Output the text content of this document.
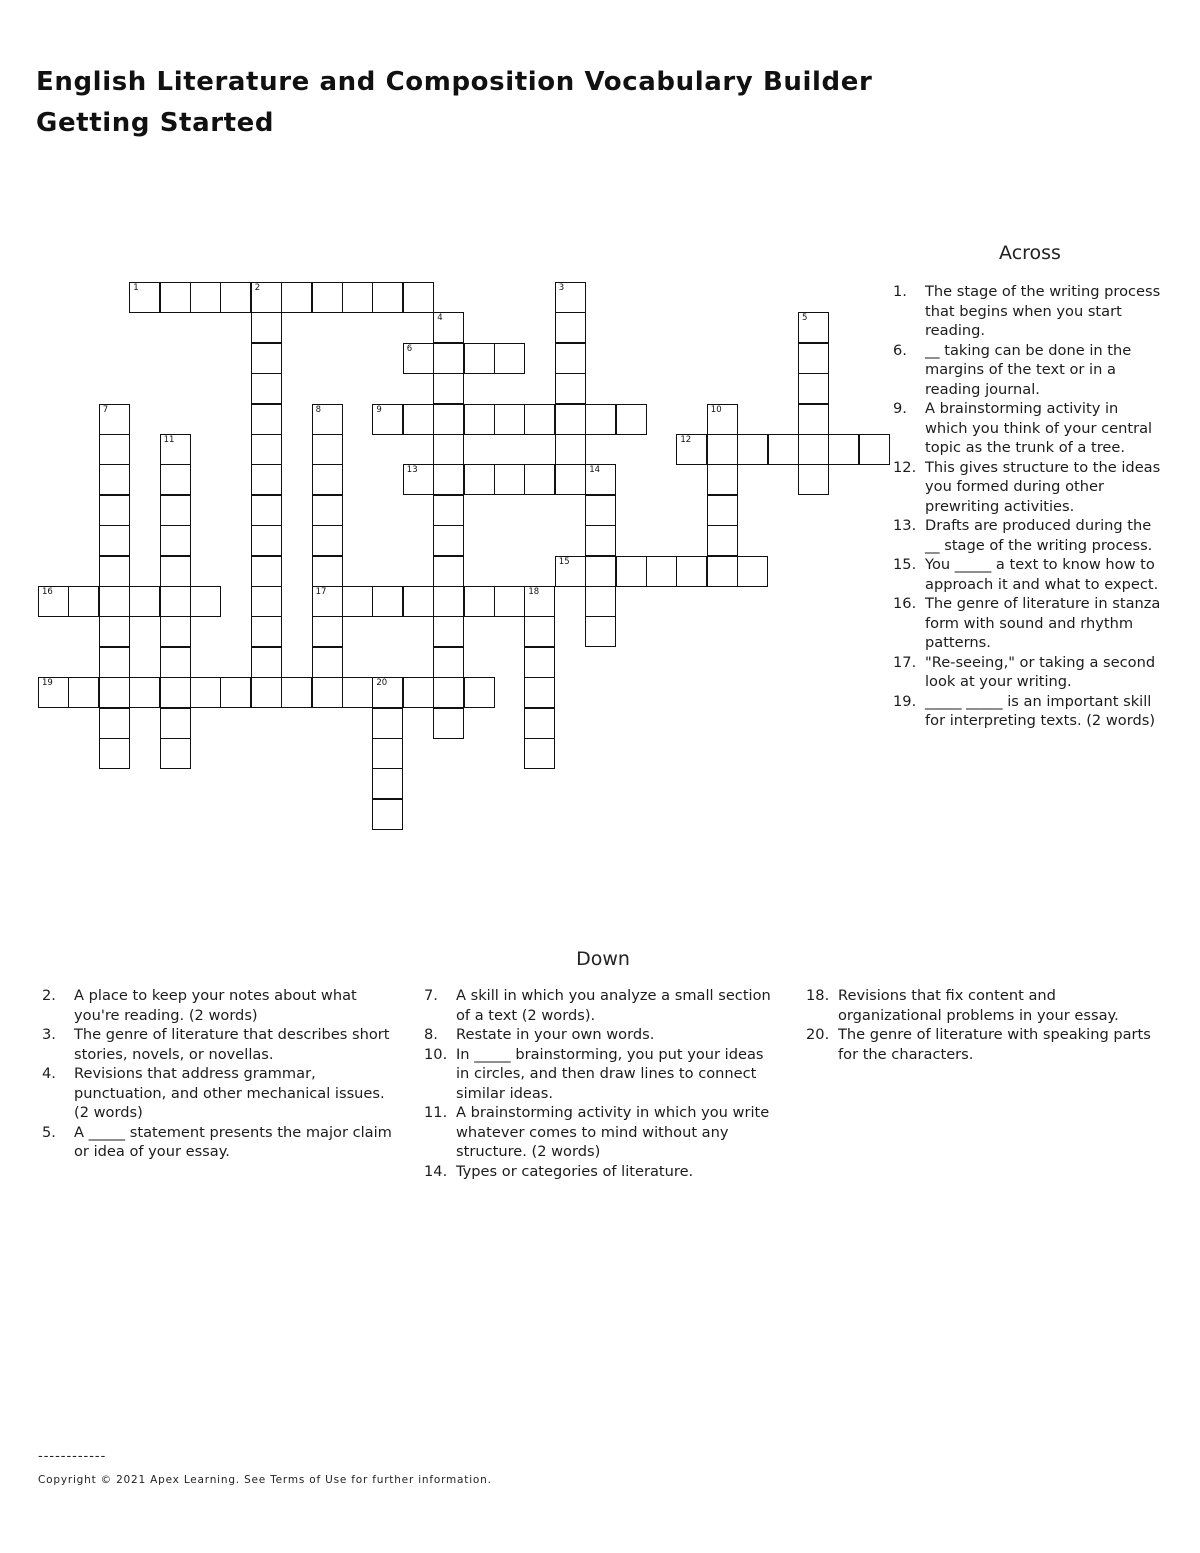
English Literature and Composition Vocabulary Builder
Getting Started
1	2	3
4	5
6
7	8
17
9	10
11	12
13	14
15
16	18
19	20
Across
1. The stage of the writing process that begins when you start reading.
6. __ taking can be done in the margins of the text or in a reading journal.
9. A brainstorming activity in which you think of your central topic as the trunk of a tree.
12. This gives structure to the ideas you formed during other prewriting activities.
13. Drafts are produced during the __ stage of the writing process.
15. You _____ a text to know how to approach it and what to expect.
16. The genre of literature in stanza form with sound and rhythm patterns.
17. "Re-seeing," or taking a second look at your writing.
19. _____ _____ is an important skill for interpreting texts. (2 words)
Down
2. A place to keep your notes about what you're reading. (2 words)
3. The genre of literature that describes short stories, novels, or novellas.
4. Revisions that address grammar, punctuation, and other mechanical issues. (2 words)
5. A _____ statement presents the major claim or idea of your essay.
7. A skill in which you analyze a small section of a text (2 words).
8. Restate in your own words.
10. In _____ brainstorming, you put your ideas in circles, and then draw lines to connect similar ideas.
11. A brainstorming activity in which you write whatever comes to mind without any structure. (2 words)
14. Types or categories of literature.
18. Revisions that fix content and organizational problems in your essay.
20. The genre of literature with speaking parts for the characters.
------------
Copyright © 2021 Apex Learning. See Terms of Use for further information.
